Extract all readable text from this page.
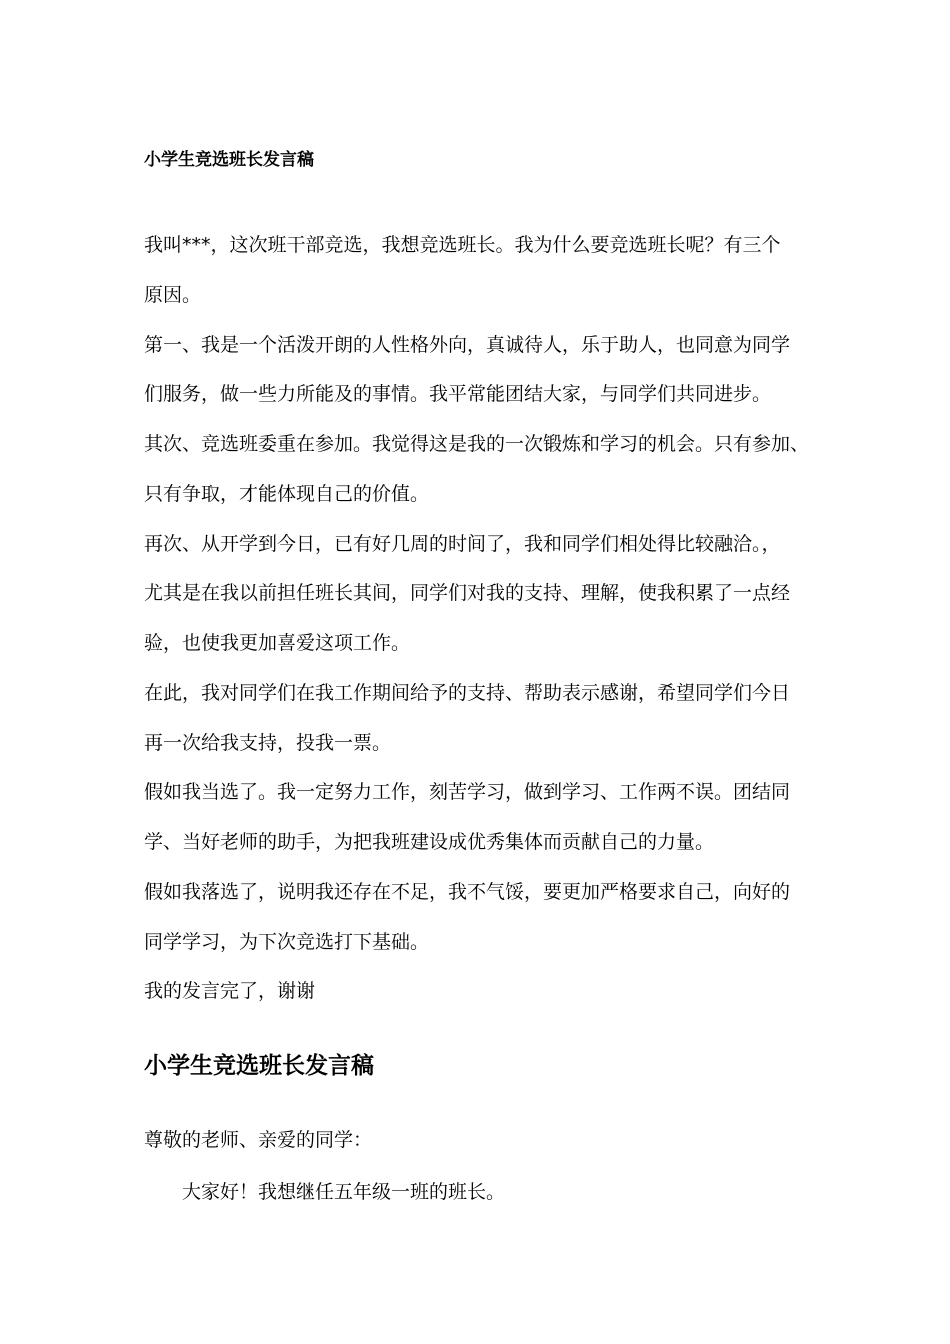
小学生竞选班长发言稿
我叫***，这次班干部竞选，我想竞选班长。我为什么要竞选班长呢？有三个
原因。
第一、我是一个活泼开朗的人性格外向，真诚待人，乐于助人，也同意为同学
们服务，做一些力所能及的事情。我平常能团结大家，与同学们共同进步。
其次、竞选班委重在参加。我觉得这是我的一次锻炼和学习的机会。只有参加、
只有争取，才能体现自己的价值。
再次、从开学到今日，已有好几周的时间了，我和同学们相处得比较融洽。，
尤其是在我以前担任班长其间，同学们对我的支持、理解，使我积累了一点经
验，也使我更加喜爱这项工作。
在此，我对同学们在我工作期间给予的支持、帮助表示感谢，希望同学们今日
再一次给我支持，投我一票。
假如我当选了。我一定努力工作，刻苦学习，做到学习、工作两不误。团结同
学、当好老师的助手，为把我班建设成优秀集体而贡献自己的力量。
假如我落选了，说明我还存在不足，我不气馁，要更加严格要求自己，向好的
同学学习，为下次竞选打下基础。
我的发言完了，谢谢
小学生竞选班长发言稿
尊敬的老师、亲爱的同学：
大家好！我想继任五年级一班的班长。
